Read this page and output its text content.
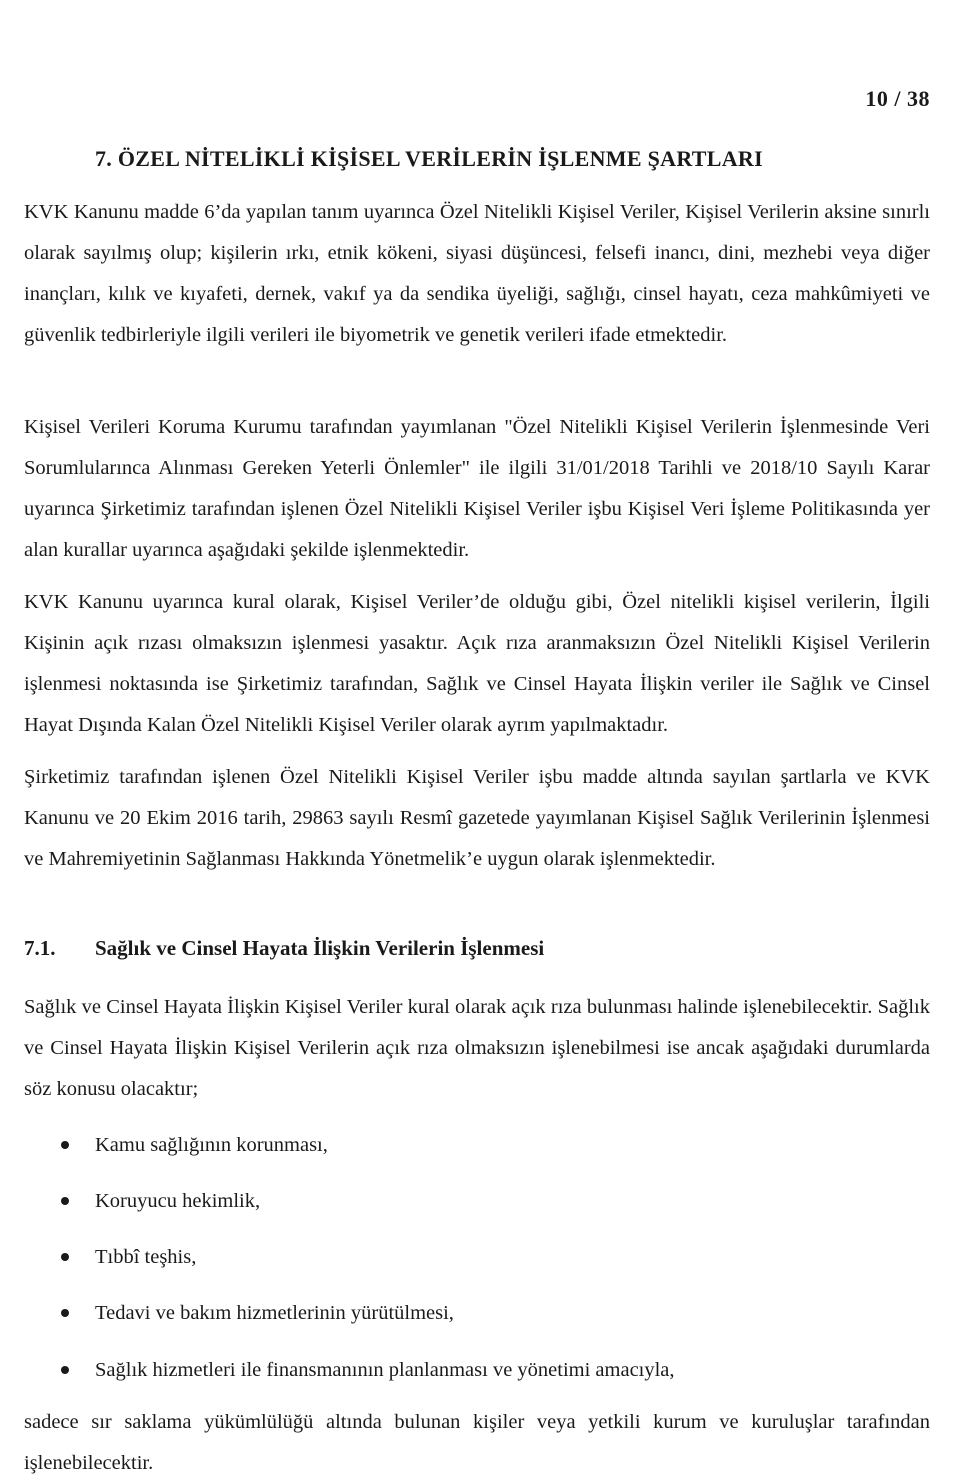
10 / 38
7. ÖZEL NİTELİKLİ KİŞİSEL VERİLERİN İŞLENME ŞARTLARI

KVK Kanunu madde 6’da yapılan tanım uyarınca Özel Nitelikli Kişisel Veriler, Kişisel Verilerin aksine sınırlı olarak sayılmış olup; kişilerin ırkı, etnik kökeni, siyasi düşüncesi, felsefi inancı, dini, mezhebi veya diğer inançları, kılık ve kıyafeti, dernek, vakıf ya da sendika üyeliği, sağlığı, cinsel hayatı, ceza mahkûmiyeti ve güvenlik tedbirleriyle ilgili verileri ile biyometrik ve genetik verileri ifade etmektedir.

Kişisel Verileri Koruma Kurumu tarafından yayımlanan "Özel Nitelikli Kişisel Verilerin İşlenmesinde Veri Sorumlularınca Alınması Gereken Yeterli Önlemler" ile ilgili 31/01/2018 Tarihli ve 2018/10 Sayılı Karar uyarınca Şirketimiz tarafından işlenen Özel Nitelikli Kişisel Veriler işbu Kişisel Veri İşleme Politikasında yer alan kurallar uyarınca aşağıdaki şekilde işlenmektedir.

KVK Kanunu uyarınca kural olarak, Kişisel Veriler’de olduğu gibi, Özel nitelikli kişisel verilerin, İlgili Kişinin açık rızası olmaksızın işlenmesi yasaktır. Açık rıza aranmaksızın Özel Nitelikli Kişisel Verilerin işlenmesi noktasında ise Şirketimiz tarafından, Sağlık ve Cinsel Hayata İlişkin veriler ile Sağlık ve Cinsel Hayat Dışında Kalan Özel Nitelikli Kişisel Veriler olarak ayrım yapılmaktadır.

Şirketimiz tarafından işlenen Özel Nitelikli Kişisel Veriler işbu madde altında sayılan şartlarla ve KVK Kanunu ve 20 Ekim 2016 tarih, 29863 sayılı Resmî gazetede yayımlanan Kişisel Sağlık Verilerinin İşlenmesi ve Mahremiyetinin Sağlanması Hakkında Yönetmelik’e uygun olarak işlenmektedir.

7.1. Sağlık ve Cinsel Hayata İlişkin Verilerin İşlenmesi

Sağlık ve Cinsel Hayata İlişkin Kişisel Veriler kural olarak açık rıza bulunması halinde işlenebilecektir. Sağlık ve Cinsel Hayata İlişkin Kişisel Verilerin açık rıza olmaksızın işlenebilmesi ise ancak aşağıdaki durumlarda söz konusu olacaktır;

Kamu sağlığının korunması,
Koruyucu hekimlik,
Tıbbî teşhis,
Tedavi ve bakım hizmetlerinin yürütülmesi,
Sağlık hizmetleri ile finansmanının planlanması ve yönetimi amacıyla,

sadece sır saklama yükümlülüğü altında bulunan kişiler veya yetkili kurum ve kuruluşlar tarafından işlenebilecektir.
